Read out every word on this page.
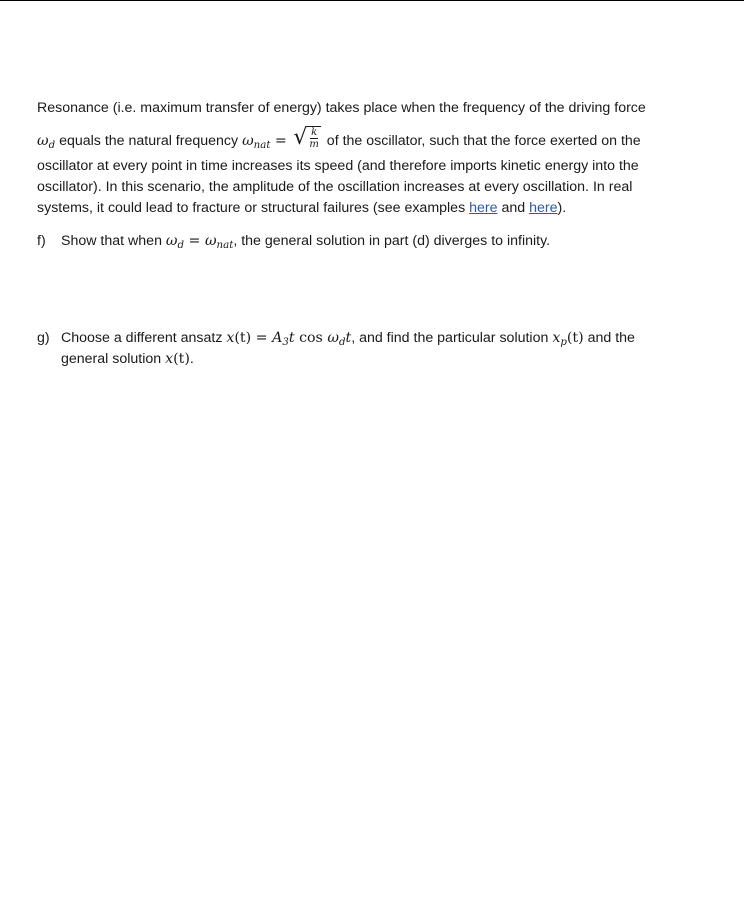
Resonance (i.e. maximum transfer of energy) takes place when the frequency of the driving force
$\omega_d$ equals the natural frequency $\omega_{nat}$ = √ $\frac{k}{m}$ of the oscillator, such that the force exerted on the
oscillator at every point in time increases its speed (and therefore imports kinetic energy into the
oscillator). In this scenario, the amplitude of the oscillation increases at every oscillation. In real
systems, it could lead to fracture or structural failures (see examples here and here).
f)	Show that when $\omega_d = \omega_{nat}$, the general solution in part (d) diverges to infinity.
g) Choose a different ansatz $x(t) = A_3t$ $\cos \omega_dt$, and find the particular solution $x_p(t)$ and the
general solution x(t).
